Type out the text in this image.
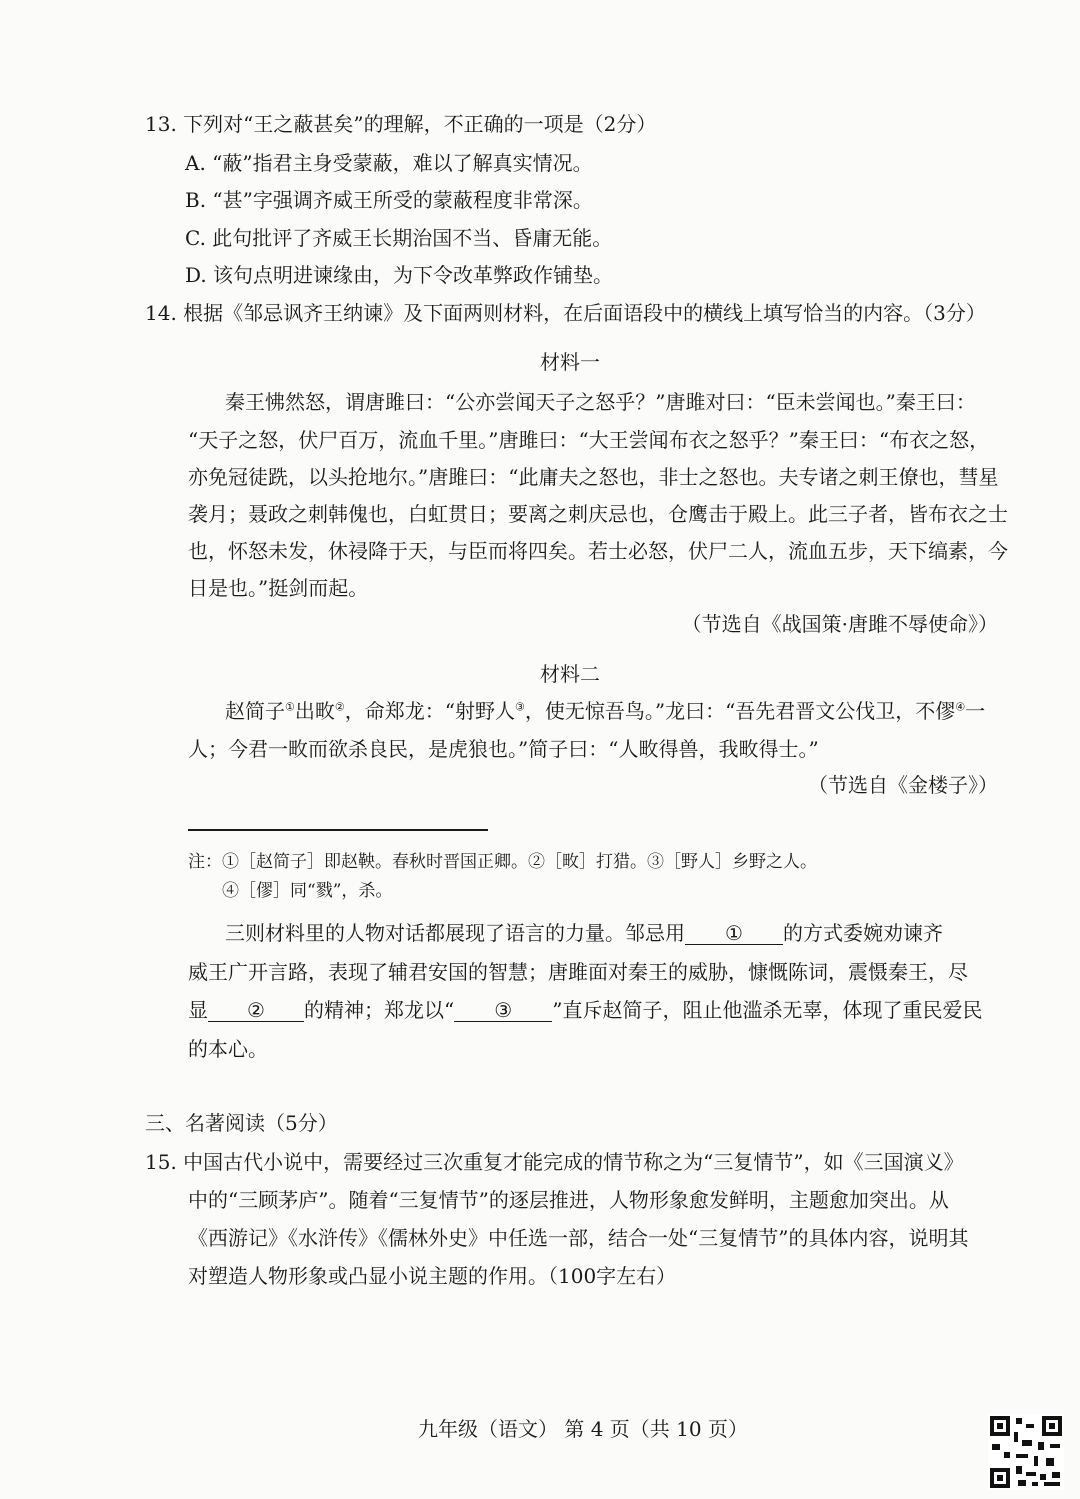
13. 下列对“王之蔽甚矣”的理解，不正确的一项是（2分）
A. “蔽”指君主身受蒙蔽，难以了解真实情况。
B. “甚”字强调齐威王所受的蒙蔽程度非常深。
C. 此句批评了齐威王长期治国不当、昏庸无能。
D. 该句点明进谏缘由，为下令改革弊政作铺垫。
14. 根据《邹忌讽齐王纳谏》及下面两则材料，在后面语段中的横线上填写恰当的内容。（3分）
材料一
秦王怫然怒，谓唐雎曰：“公亦尝闻天子之怒乎？”唐雎对曰：“臣未尝闻也。”秦王曰：
“天子之怒，伏尸百万，流血千里。”唐雎曰：“大王尝闻布衣之怒乎？”秦王曰：“布衣之怒，
亦免冠徒跣，以头抢地尔。”唐雎曰：“此庸夫之怒也，非士之怒也。夫专诸之刺王僚也，彗星
袭月；聂政之刺韩傀也，白虹贯日；要离之刺庆忌也，仓鹰击于殿上。此三子者，皆布衣之士
也，怀怒未发，休祲降于天，与臣而将四矣。若士必怒，伏尸二人，流血五步，天下缟素，今
日是也。”挺剑而起。
（节选自《战国策·唐雎不辱使命》）
材料二
赵简子①出畋②，命郑龙：“射野人③，使无惊吾鸟。”龙曰：“吾先君晋文公伐卫，不僇④一
人；今君一畋而欲杀良民，是虎狼也。”简子曰：“人畋得兽，我畋得士。”
（节选自《金楼子》）
注：①［赵简子］即赵鞅。春秋时晋国正卿。②［畋］打猎。③［野人］乡野之人。
④［僇］同“戮”，杀。
三则材料里的人物对话都展现了语言的力量。邹忌用 ① 的方式委婉劝谏齐
威王广开言路，表现了辅君安国的智慧；唐雎面对秦王的威胁，慷慨陈词，震慑秦王，尽
显 ② 的精神；郑龙以“ ③ ”直斥赵简子，阻止他滥杀无辜，体现了重民爱民
的本心。
三、名著阅读（5分）
15. 中国古代小说中，需要经过三次重复才能完成的情节称之为“三复情节”，如《三国演义》
中的“三顾茅庐”。随着“三复情节”的逐层推进，人物形象愈发鲜明，主题愈加突出。从
《西游记》《水浒传》《儒林外史》中任选一部，结合一处“三复情节”的具体内容，说明其
对塑造人物形象或凸显小说主题的作用。（100字左右）
九年级（语文） 第 4 页（共 10 页）
